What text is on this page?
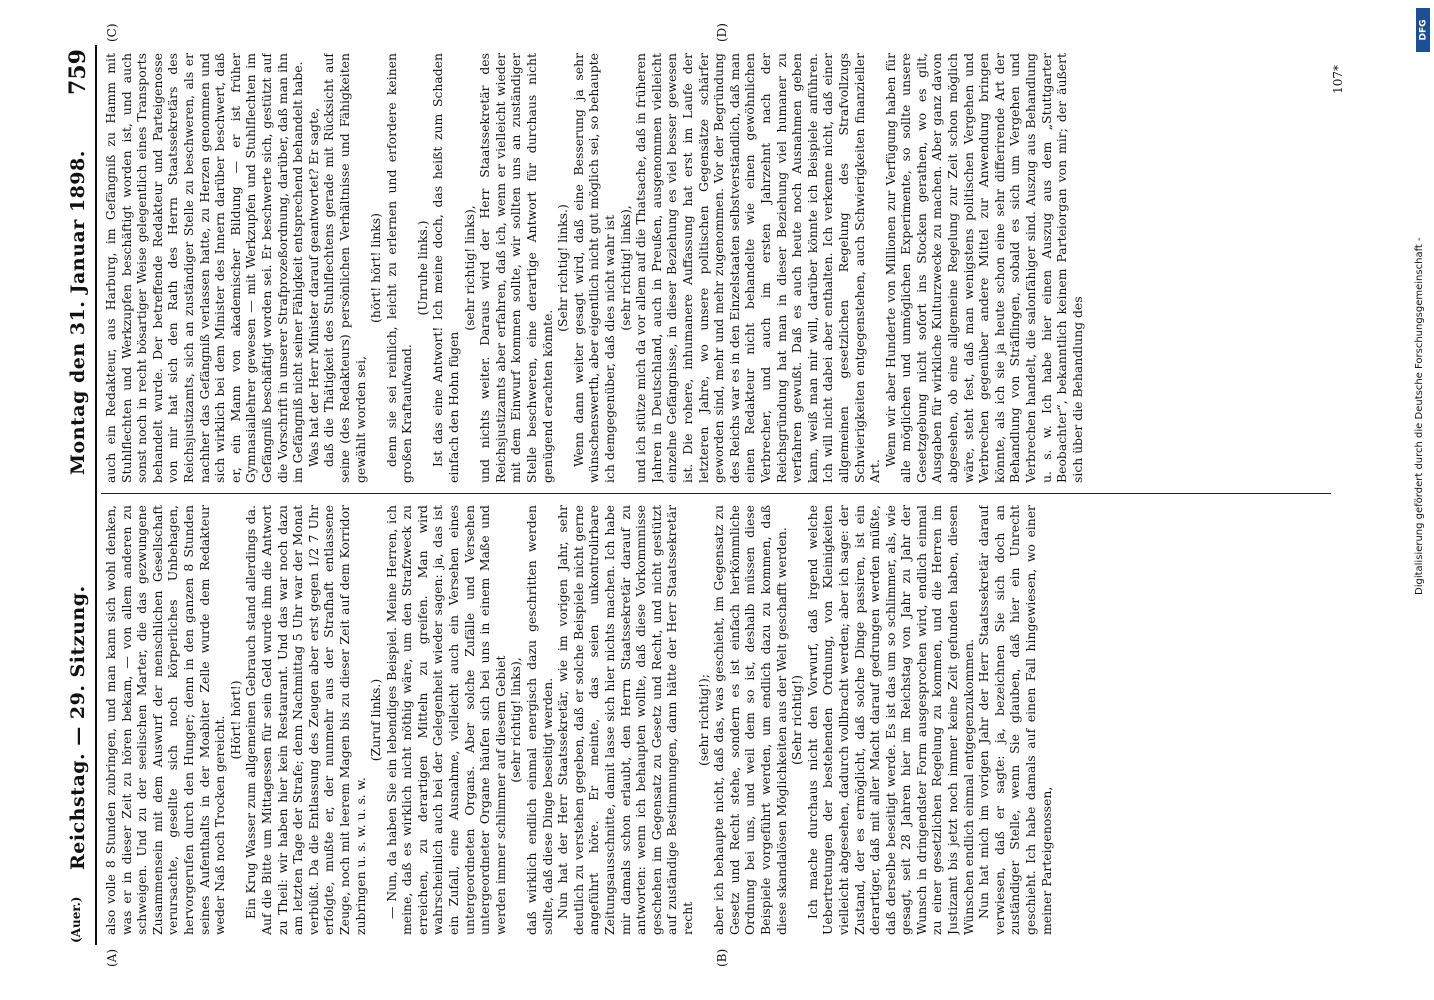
(Auer.)
Reichstag. — 29. Sitzung.
Montag den 31. Januar 1898.
759
(A)	(B)
(C)	(D)

also volle 8 Stunden zubringen, und man kann sich wohl denken, was er in dieser Zeit zu hören bekam, — von allem anderen zu schweigen. Und zu der seelischen Marter, die das gezwungene Zusammensein mit dem Auswurf der menschlichen Gesellschaft verursachte, gesellte sich noch körperliches Unbehagen, hervorgerufen durch den Hunger; denn in den ganzen 8 Stunden seines Aufenthalts in der Moabiter Zelle wurde dem Redakteur weder Naß noch Trocken gereicht. (Hört! hört!) Ein Krug Wasser zum allgemeinen Gebrauch stand allerdings da. Auf die Bitte um Mittagessen für sein Geld wurde ihm die Antwort zu Theil: wir haben hier kein Restaurant. Und das war noch dazu am letzten Tage der Strafe; denn Nachmittag 5 Uhr war der Monat verbüßt. Da die Entlassung des Zeugen aber erst gegen 1/2 7 Uhr erfolgte, mußte er, der nunmehr aus der Strafhaft entlassene Zeuge, noch mit leerem Magen bis zu dieser Zeit auf dem Korridor zubringen u. s. w. u. s. w.

(Zuruf links.) — Nun, da haben Sie ein lebendiges Beispiel. Meine Herren, ich meine, daß es wirklich nicht nöthig wäre, um den Strafzweck zu erreichen, zu derartigen Mitteln zu greifen. Man wird wahrscheinlich auch bei der Gelegenheit wieder sagen: ja, das ist ein Zufall, eine Ausnahme, vielleicht auch ein Versehen eines untergeordneten Organs. Aber solche Zufälle und Versehen untergeordneter Organe häufen sich bei uns in einem Maße und werden immer schlimmer auf diesem Gebiet (sehr richtig! links), daß wirklich endlich einmal energisch dazu geschritten werden sollte, daß diese Dinge beseitigt werden. Nun hat der Herr Staatssekretär, wie im vorigen Jahr, sehr deutlich zu verstehen gegeben, daß er solche Beispiele nicht gerne angeführt höre. Er meinte, das seien unkontrolirbare Zeitungsausschnitte, damit lasse sich hier nichts machen. Ich habe mir damals schon erlaubt, den Herrn Staatssekretär darauf zu antworten: wenn ich behaupten wollte, daß diese Vorkommnisse geschehen im Gegensatz zu Gesetz und Recht, und nicht gestützt auf zuständige Bestimmungen, dann hätte der Herr Staatssekretär recht

(sehr richtig!); aber ich behaupte nicht, daß das, was geschieht, im Gegensatz zu Gesetz und Recht stehe, sondern es ist einfach herkömmliche Ordnung bei uns, und weil dem so ist, deshalb müssen diese Beispiele vorgeführt werden, um endlich dazu zu kommen, daß diese skandalösen Möglichkeiten aus der Welt geschafft werden. (Sehr richtig!) Ich mache durchaus nicht den Vorwurf, daß irgend welche Uebertretungen der bestehenden Ordnung, von Kleinigkeiten vielleicht abgesehen, dadurch vollbracht werden; aber ich sage: der Zustand, der es ermöglicht, daß solche Dinge passiren, ist ein derartiger, daß mit aller Macht darauf gedrungen werden müßte, daß derselbe beseitigt werde. Es ist das um so schlimmer, als, wie gesagt, seit 28 Jahren hier im Reichstag von Jahr zu Jahr der Wunsch in dringendster Form ausgesprochen wird, endlich einmal zu einer gesetzlichen Regelung zu kommen, und die Herren im Justizamt bis jetzt noch immer keine Zeit gefunden haben, diesen Wünschen endlich einmal entgegenzukommen. Nun hat mich im vorigen Jahr der Herr Staatssekretär darauf verwiesen, daß er sagte: ja, bezeichnen Sie sich doch an zuständiger Stelle, wenn Sie glauben, daß hier ein Unrecht geschieht. Ich habe damals auf einen Fall hingewiesen, wo einer meiner Parteigenossen,

auch ein Redakteur, aus Harburg, im Gefängniß zu Hamm mit Stuhlflechten und Werkzupfen beschäftigt worden ist, und auch sonst noch in recht bösartiger Weise gelegentlich eines Transports behandelt wurde. Der betreffende Redakteur und Parteigenosse von mir hat sich den Rath des Herrn Staatssekretärs des Reichsjustizamts, sich an zuständiger Stelle zu beschweren, als er nachher das Gefängniß verlassen hatte, zu Herzen genommen und sich wirklich bei dem Minister des Innern darüber beschwert, daß er, ein Mann von akademischer Bildung — er ist früher Gymnasiallehrer gewesen — mit Werkzupfen und Stuhlflechten im Gefängniß beschäftigt worden sei. Er beschwerte sich, gestützt auf die Vorschrift in unserer Strafprozeßordnung, darüber, daß man ihn im Gefängniß nicht seiner Fähigkeit entsprechend behandelt habe. Was hat der Herr Minister darauf geantwortet? Er sagte, daß die Thätigkeit des Stuhlflechtens gerade mit Rücksicht auf seine (des Redakteurs) persönlichen Verhältnisse und Fähigkeiten gewählt worden sei,

(hört! hört! links) denn sie sei reinlich, leicht zu erlernen und erfordere keinen großen Kraftaufwand.

(Unruhe links.) Ist das eine Antwort! Ich meine doch, das heißt zum Schaden einfach den Hohn fügen

(sehr richtig! links), und nichts weiter. Daraus wird der Herr Staatssekretär des Reichsjustizamts aber erfahren, daß ich, wenn er vielleicht wieder mit dem Einwurf kommen sollte, wir sollten uns an zuständiger Stelle beschweren, eine derartige Antwort für durchaus nicht genügend erachten könnte.

(Sehr richtig! links.) Wenn dann weiter gesagt wird, daß eine Besserung ja sehr wünschenswerth, aber eigentlich nicht gut möglich sei, so behaupte ich demgegenüber, daß dies nicht wahr ist (sehr richtig! links), und ich stütze mich da vor allem auf die Thatsache, daß in früheren Jahren in Deutschland, auch in Preußen, ausgenommen vielleicht einzelne Gefängnisse, in dieser Beziehung es viel besser gewesen ist. Die rohere, inhumanere Auffassung hat erst im Laufe der letzteren Jahre, wo unsere politischen Gegensätze schärfer geworden sind, mehr und mehr zugenommen. Vor der Begründung des Reichs war es in den Einzelstaaten selbstverständlich, daß man einen Redakteur nicht behandelte wie einen gewöhnlichen Verbrecher, und auch im ersten Jahrzehnt nach der Reichsgründung hat man in dieser Beziehung viel humaner zu verfahren gewußt. Daß es auch heute noch Ausnahmen geben kann, weiß man mir will, darüber könnte ich Beispiele anführen. Ich will nicht dabei aber enthalten. Ich verkenne nicht, daß einer allgemeinen gesetzlichen Regelung des Strafvollzugs Schwierigkeiten entgegenstehen, auch Schwierigkeiten finanzieller Art.

Wenn wir aber Hunderte von Millionen zur Verfügung haben für alle möglichen und unmöglichen Experimente, so sollte unsere Gesetzgebung nicht sofort ins Stocken gerathen, wo es gilt, Ausgaben für wirkliche Kulturzwecke zu machen. Aber ganz davon abgesehen, ob eine allgemeine Regelung zur Zeit schon möglich wäre, steht fest, daß man wenigstens politischen Vergehen und Verbrechen gegenüber andere Mittel zur Anwendung bringen könnte, als ich sie ja heute schon eine sehr differirende Art der Behandlung von Sträflingen, sobald es sich um Vergehen und Verbrechen handelt, die salonfähiger sind. Auszug aus Behandlung u. s. w. Ich habe hier einen Auszug aus dem „Stuttgarter Beobachter“, bekanntlich keinem Parteiorgan von mir; der äußert sich über die Behandlung des

107*
DFG
Digitalisierung gefördert durch die Deutsche Forschungsgemeinschaft -
